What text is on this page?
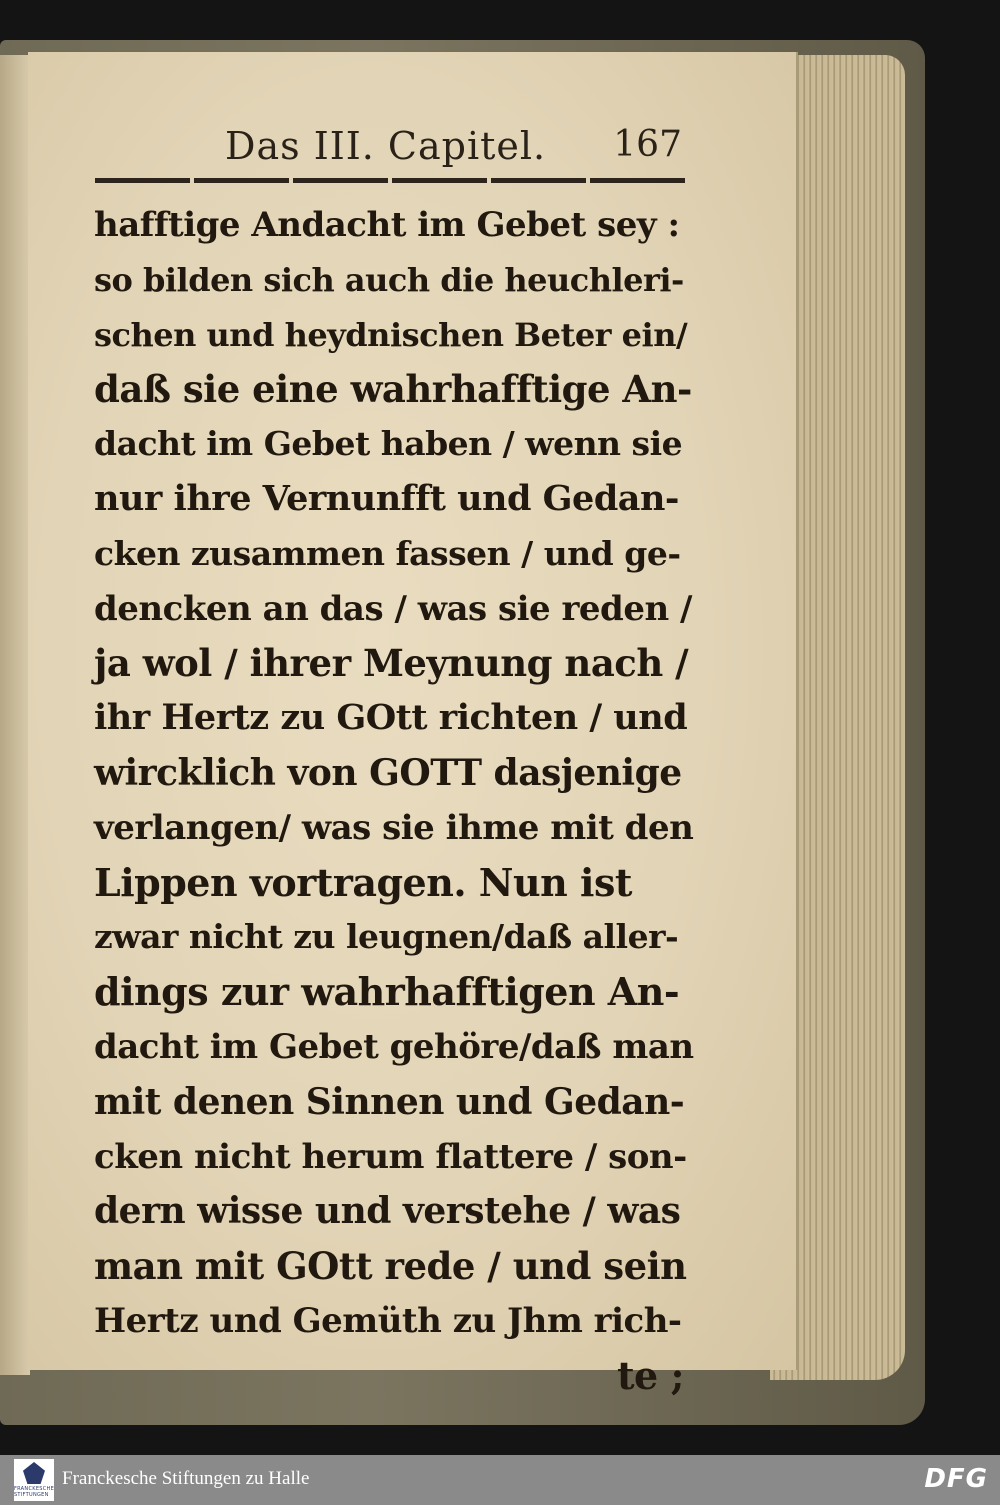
Das III. Capitel. 167
hafftige Andacht im Gebet sey :
so bilden sich auch die heuchleri-
schen und heydnischen Beter ein/
daß sie eine wahrhafftige An-
dacht im Gebet haben / wenn sie
nur ihre Vernunfft und Gedan-
cken zusammen fassen / und ge-
dencken an das / was sie reden /
ja wol / ihrer Meynung nach /
ihr Hertz zu GOtt richten / und
wircklich von GOTT dasjenige
verlangen/ was sie ihme mit den
Lippen vortragen. Nun ist
zwar nicht zu leugnen/daß aller-
dings zur wahrhafftigen An-
dacht im Gebet gehöre/daß man
mit denen Sinnen und Gedan-
cken nicht herum flattere / son-
dern wisse und verstehe / was
man mit GOtt rede / und sein
Hertz und Gemüth zu Jhm rich-
te ;
FRANCKESCHE STIFTUNGEN
Franckesche Stiftungen zu Halle	DFG
